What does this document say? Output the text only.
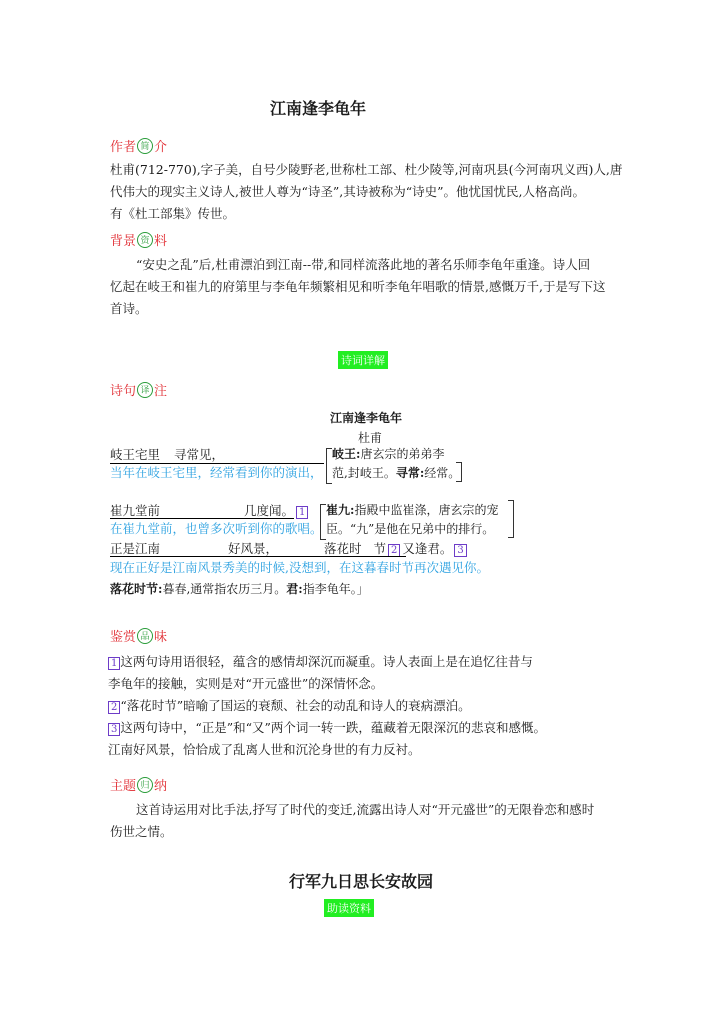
江南逢李龟年
作者 简 介
杜甫(712-770),字子美，自号少陵野老,世称杜工部、杜少陵等,河南巩县(今河南巩义西)人,唐
代伟大的现实主义诗人,被世人尊为“诗圣”,其诗被称为“诗史”。他忧国忧民,人格高尚。
有《杜工部集》传世。
背景 资 料
“安史之乱”后,杜甫漂泊到江南--带,和同样流落此地的著名乐师李龟年重逢。诗人回
忆起在岐王和崔九的府第里与李龟年频繁相见和听李龟年唱歌的情景,感慨万千,于是写下这
首诗。
诗词详解
诗句 译 注
江南逢李龟年
杜甫
岐王宅里 寻常见，
当年在岐王宅里，经常看到你的演出，
岐王:唐玄宗的弟弟李
范,封岐王。寻常:经常。
崔九堂前	几度闻。 1
在崔九堂前，也曾多次听到你的歌唱。
崔九:指殿中监崔涤，唐玄宗的宠
臣。“九”是他在兄弟中的排行。
正是江南	好风景，	落花时 节 2 又逢君。 3
现在正好是江南风景秀美的时候,没想到，在这暮春时节再次遇见你。
落花时节:暮春,通常指农历三月。君:指李龟年。」
鉴赏 品 味
1 这两句诗用语很轻，蕴含的感情却深沉而凝重。诗人表面上是在追忆往昔与
李龟年的接触，实则是对“开元盛世”的深情怀念。
2 “落花时节”暗喻了国运的衰颓、社会的动乱和诗人的衰病漂泊。
3 这两句诗中，“正是”和“又”两个词一转一跌，蕴藏着无限深沉的悲哀和感慨。
江南好风景，恰恰成了乱离人世和沉沦身世的有力反衬。
主题 归 纳
这首诗运用对比手法,抒写了时代的变迁,流露出诗人对“开元盛世”的无限眷恋和感时
伤世之情。
行军九日思长安故园
助读资料
